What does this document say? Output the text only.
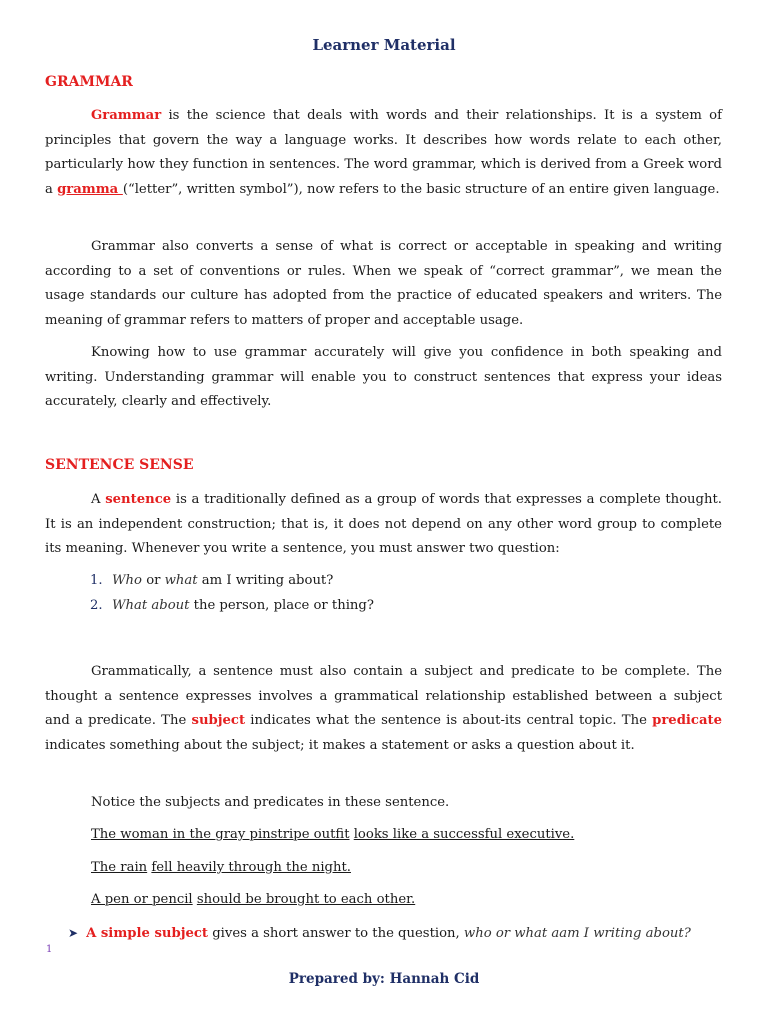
Learner Material
GRAMMAR

Grammar is the science that deals with words and their relationships. It is a system of principles that govern the way a language works. It describes how words relate to each other, particularly how they function in sentences. The word grammar, which is derived from a Greek word a gramma (“letter”, written symbol”), now refers to the basic structure of an entire given language.

Grammar also converts a sense of what is correct or acceptable in speaking and writing according to a set of conventions or rules. When we speak of “correct grammar”, we mean the usage standards our culture has adopted from the practice of educated speakers and writers. The meaning of grammar refers to matters of proper and acceptable usage.

Knowing how to use grammar accurately will give you confidence in both speaking and writing. Understanding grammar will enable you to construct sentences that express your ideas accurately, clearly and effectively.

SENTENCE SENSE

A sentence is a traditionally defined as a group of words that expresses a complete thought. It is an independent construction; that is, it does not depend on any other word group to complete its meaning. Whenever you write a sentence, you must answer two question:

1. Who or what am I writing about?
2. What about the person, place or thing?

Grammatically, a sentence must also contain a subject and predicate to be complete. The thought a sentence expresses involves a grammatical relationship established between a subject and a predicate. The subject indicates what the sentence is about-its central topic. The predicate indicates something about the subject; it makes a statement or asks a question about it.

Notice the subjects and predicates in these sentence.
The woman in the gray pinstripe outfit looks like a successful executive.
The rain fell heavily through the night.
A pen or pencil should be brought to each other.
➤ A simple subject gives a short answer to the question, who or what aam I writing about?
1
Prepared by: Hannah Cid
